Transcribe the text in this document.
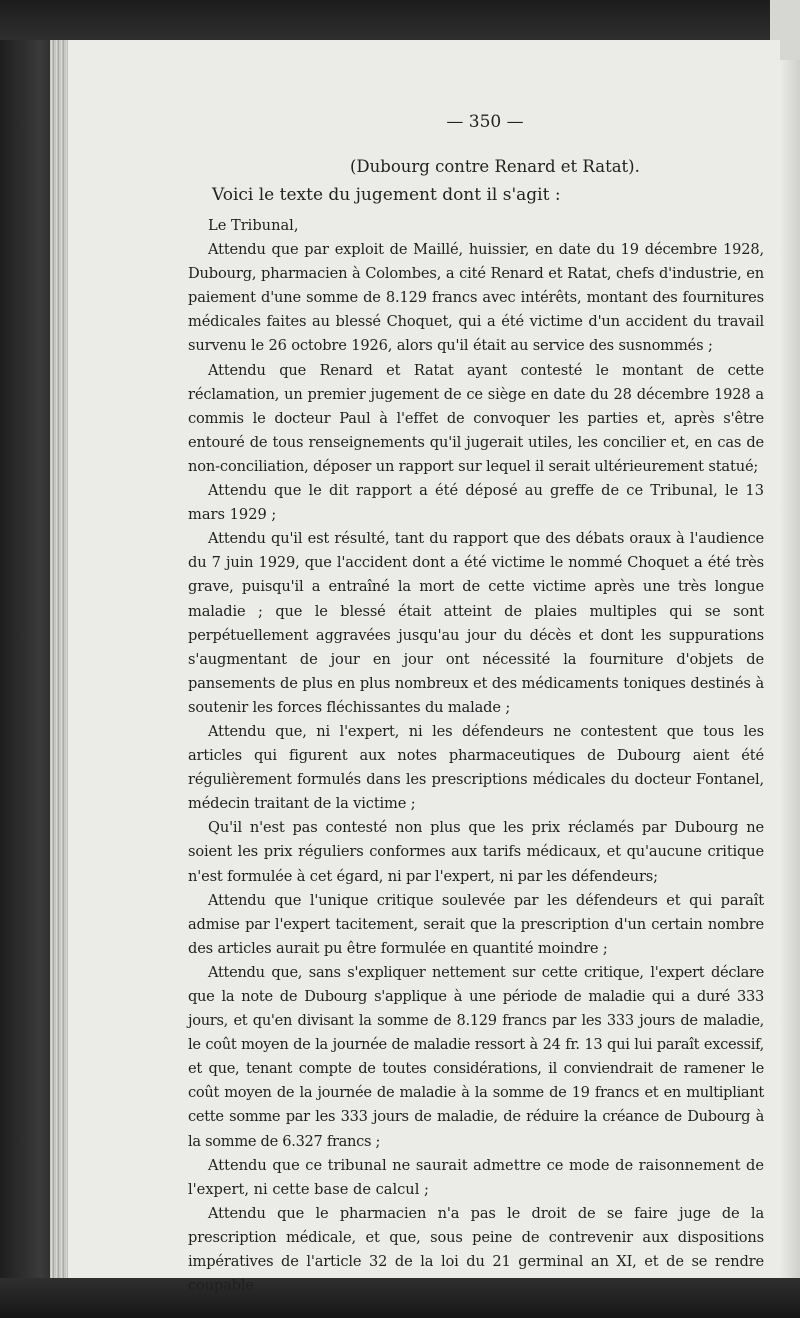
— 350 —
(Dubourg contre Renard et Ratat).
Voici le texte du jugement dont il s'agit :

Le Tribunal,

Attendu que par exploit de Maillé, huissier, en date du 19 décembre 1928, Dubourg, pharmacien à Colombes, a cité Renard et Ratat, chefs d'industrie, en paiement d'une somme de 8.129 francs avec intérêts, montant des fournitures médicales faites au blessé Choquet, qui a été victime d'un accident du travail survenu le 26 octobre 1926, alors qu'il était au service des susnommés ;

Attendu que Renard et Ratat ayant contesté le montant de cette réclamation, un premier jugement de ce siège en date du 28 décembre 1928 a commis le docteur Paul à l'effet de convoquer les parties et, après s'être entouré de tous renseignements qu'il jugerait utiles, les concilier et, en cas de non-conciliation, déposer un rapport sur lequel il serait ultérieurement statué;

Attendu que le dit rapport a été déposé au greffe de ce Tribunal, le 13 mars 1929 ;

Attendu qu'il est résulté, tant du rapport que des débats oraux à l'audience du 7 juin 1929, que l'accident dont a été victime le nommé Choquet a été très grave, puisqu'il a entraîné la mort de cette victime après une très longue maladie ; que le blessé était atteint de plaies multiples qui se sont perpétuellement aggravées jusqu'au jour du décès et dont les suppurations s'augmentant de jour en jour ont nécessité la fourniture d'objets de pansements de plus en plus nombreux et des médicaments toniques destinés à soutenir les forces fléchissantes du malade ;

Attendu que, ni l'expert, ni les défendeurs ne contestent que tous les articles qui figurent aux notes pharmaceutiques de Dubourg aient été régulièrement formulés dans les prescriptions médicales du docteur Fontanel, médecin traitant de la victime ;

Qu'il n'est pas contesté non plus que les prix réclamés par Dubourg ne soient les prix réguliers conformes aux tarifs médicaux, et qu'aucune critique n'est formulée à cet égard, ni par l'expert, ni par les défendeurs;

Attendu que l'unique critique soulevée par les défendeurs et qui paraît admise par l'expert tacitement, serait que la prescription d'un certain nombre des articles aurait pu être formulée en quantité moindre ;

Attendu que, sans s'expliquer nettement sur cette critique, l'expert déclare que la note de Dubourg s'applique à une période de maladie qui a duré 333 jours, et qu'en divisant la somme de 8.129 francs par les 333 jours de maladie, le coût moyen de la journée de maladie ressort à 24 fr. 13 qui lui paraît excessif, et que, tenant compte de toutes considérations, il conviendrait de ramener le coût moyen de la journée de maladie à la somme de 19 francs et en multipliant cette somme par les 333 jours de maladie, de réduire la créance de Dubourg à la somme de 6.327 francs ;

Attendu que ce tribunal ne saurait admettre ce mode de raisonnement de l'expert, ni cette base de calcul ;

Attendu que le pharmacien n'a pas le droit de se faire juge de la prescription médicale, et que, sous peine de contrevenir aux dispositions impératives de l'article 32 de la loi du 21 germinal an XI, et de se rendre coupable
